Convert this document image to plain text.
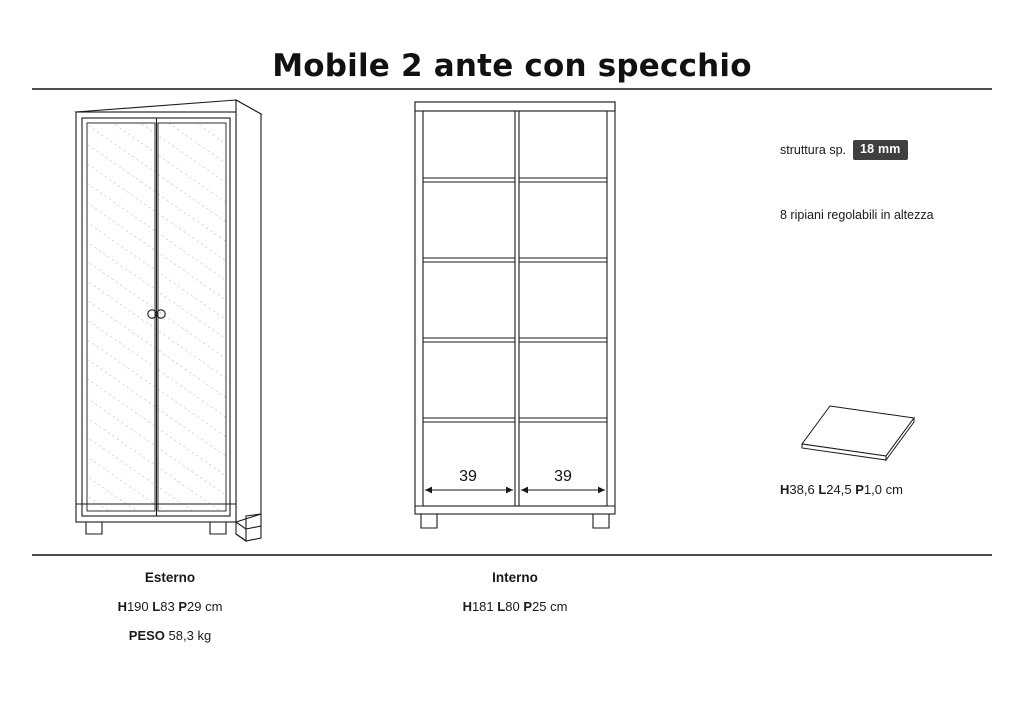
Mobile 2 ante con specchio
Esterno
H190 L83 P29 cm
PESO 58,3 kg
39	39
Interno
H181 L80 P25 cm
struttura sp.	18 mm
8 ripiani regolabili in altezza
H38,6 L24,5 P1,0 cm
